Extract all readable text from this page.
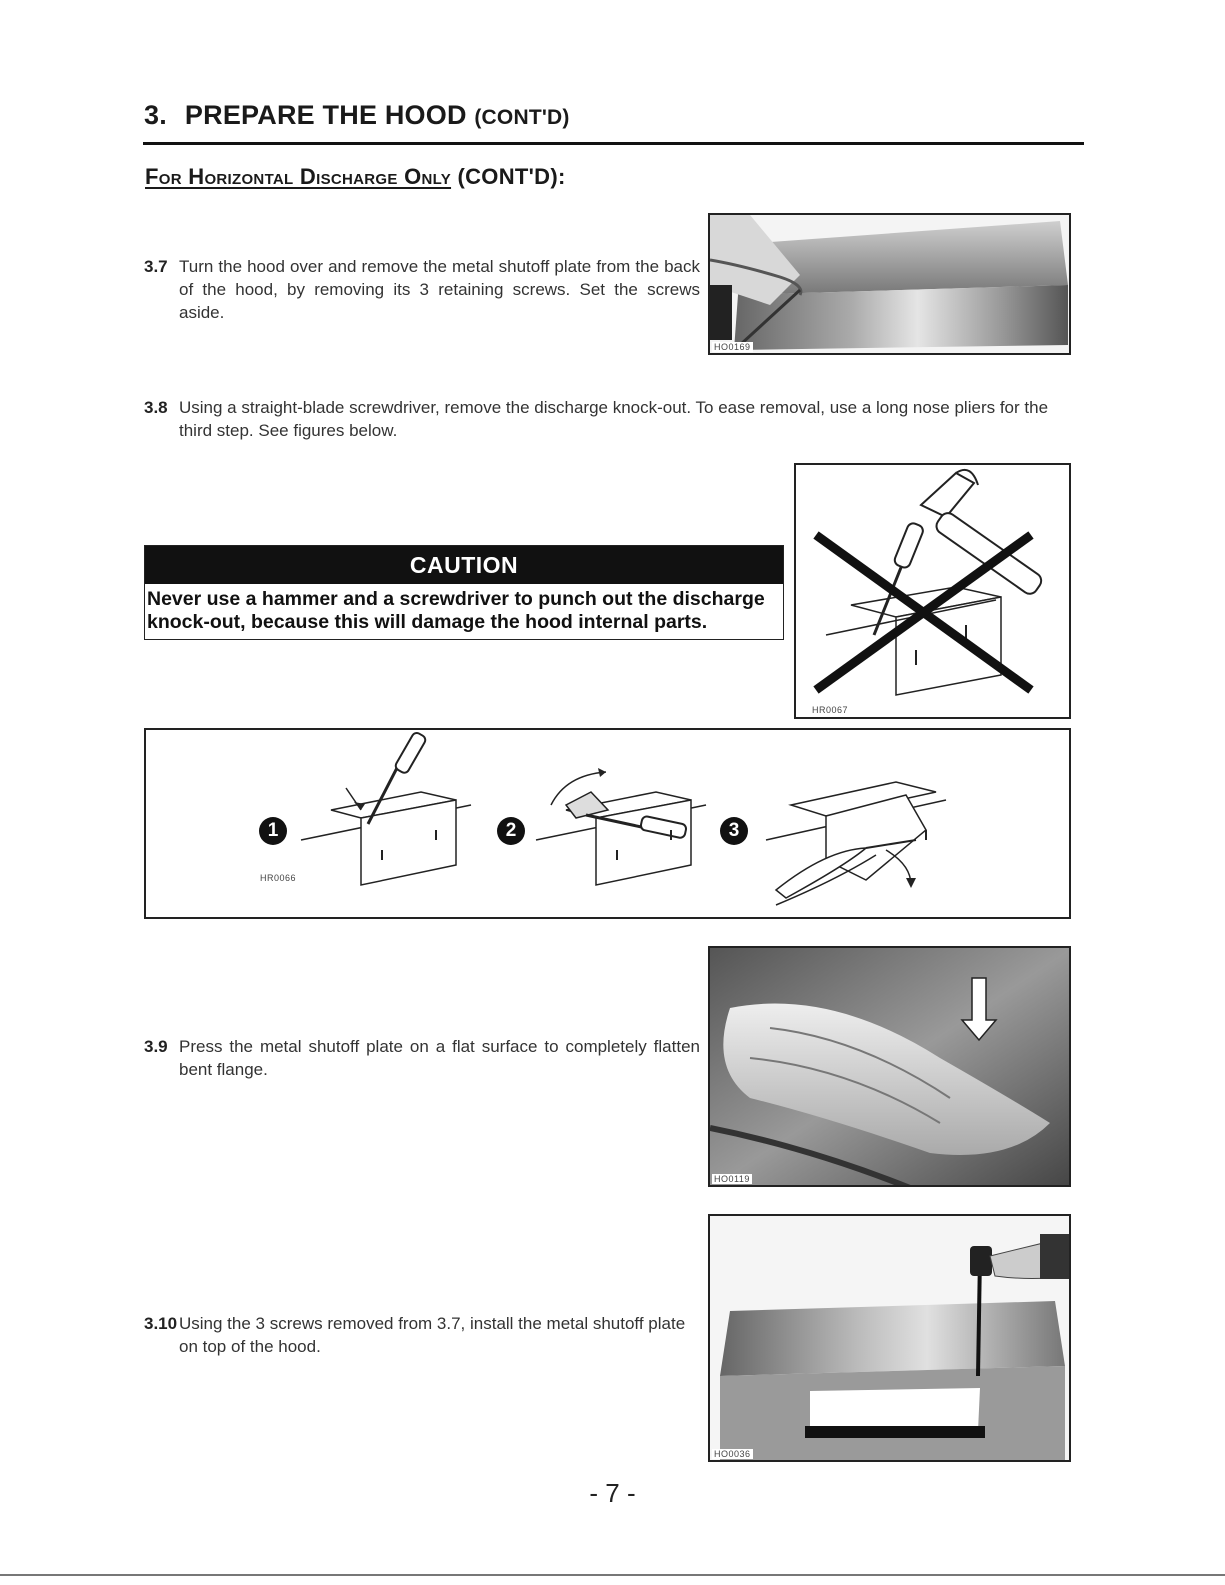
3. PREPARE THE HOOD (CONT'D)
For Horizontal Discharge Only (CONT'D):
3.7 Turn the hood over and remove the metal shutoff plate from the back of the hood, by removing its 3 retaining screws. Set the screws aside.
HO0169
3.8 Using a straight-blade screwdriver, remove the discharge knock-out. To ease removal, use a long nose pliers for the third step. See figures below.
CAUTION
Never use a hammer and a screwdriver to punch out the discharge knock-out, because this will damage the hood internal parts.
HR0067
1	2	3
HR0066
3.9 Press the metal shutoff plate on a flat surface to completely flatten bent flange.
HO0119
3.10 Using the 3 screws removed from 3.7, install the metal shutoff plate on top of the hood.
HO0036
- 7 -
